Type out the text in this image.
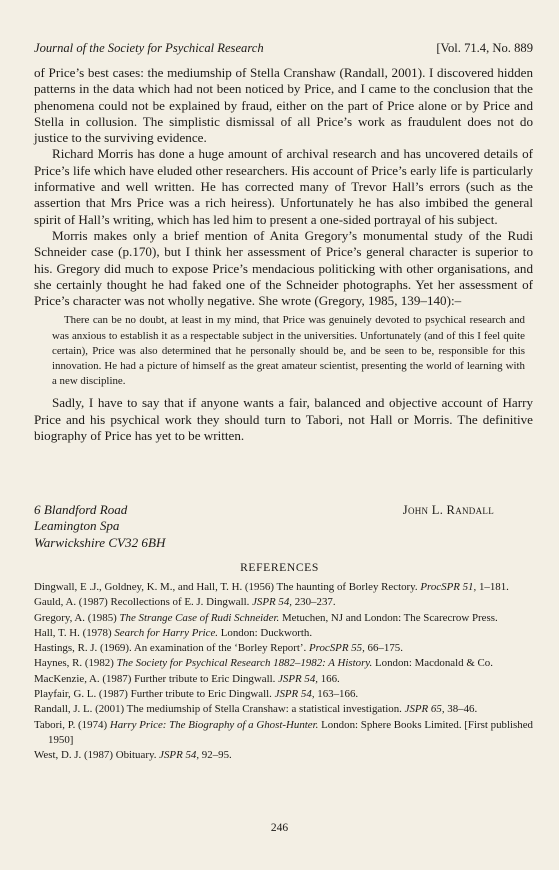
Journal of the Society for Psychical Research	[Vol. 71.4, No. 889

of Price’s best cases: the mediumship of Stella Cranshaw (Randall, 2001). I discovered hidden patterns in the data which had not been noticed by Price, and I came to the conclusion that the phenomena could not be explained by fraud, either on the part of Price alone or by Price and Stella in collusion. The simplistic dismissal of all Price’s work as fraudulent does not do justice to the surviving evidence.

Richard Morris has done a huge amount of archival research and has uncovered details of Price’s life which have eluded other researchers. His account of Price’s early life is particularly informative and well written. He has corrected many of Trevor Hall’s errors (such as the assertion that Mrs Price was a rich heiress). Unfortunately he has also imbibed the general spirit of Hall’s writing, which has led him to present a one-sided portrayal of his subject.

Morris makes only a brief mention of Anita Gregory’s monumental study of the Rudi Schneider case (p.170), but I think her assessment of Price’s general character is superior to his. Gregory did much to expose Price’s mendacious politicking with other organisations, and she certainly thought he had faked one of the Schneider photographs. Yet her assessment of Price’s character was not wholly negative. She wrote (Gregory, 1985, 139–140):–

There can be no doubt, at least in my mind, that Price was genuinely devoted to psychical research and was anxious to establish it as a respectable subject in the universities. Unfortunately (and of this I feel quite certain), Price was also determined that he personally should be, and be seen to be, responsible for this innovation. He had a picture of himself as the great amateur scientist, presenting the world of learning with a new discipline.

Sadly, I have to say that if anyone wants a fair, balanced and objective account of Harry Price and his psychical work they should turn to Tabori, not Hall or Morris. The definitive biography of Price has yet to be written.

6 Blandford Road
Leamington Spa
Warwickshire CV32 6BH
John L. Randall
REFERENCES
Dingwall, E .J., Goldney, K. M., and Hall, T. H. (1956) The haunting of Borley Rectory. ProcSPR 51, 1–181.
Gauld, A. (1987) Recollections of E. J. Dingwall. JSPR 54, 230–237.
Gregory, A. (1985) The Strange Case of Rudi Schneider. Metuchen, NJ and London: The Scarecrow Press.
Hall, T. H. (1978) Search for Harry Price. London: Duckworth.
Hastings, R. J. (1969). An examination of the ‘Borley Report’. ProcSPR 55, 66–175.
Haynes, R. (1982) The Society for Psychical Research 1882–1982: A History. London: Macdonald & Co.
MacKenzie, A. (1987) Further tribute to Eric Dingwall. JSPR 54, 166.
Playfair, G. L. (1987) Further tribute to Eric Dingwall. JSPR 54, 163–166.
Randall, J. L. (2001) The mediumship of Stella Cranshaw: a statistical investigation. JSPR 65, 38–46.
Tabori, P. (1974) Harry Price: The Biography of a Ghost-Hunter. London: Sphere Books Limited. [First published 1950]
West, D. J. (1987) Obituary. JSPR 54, 92–95.
246
